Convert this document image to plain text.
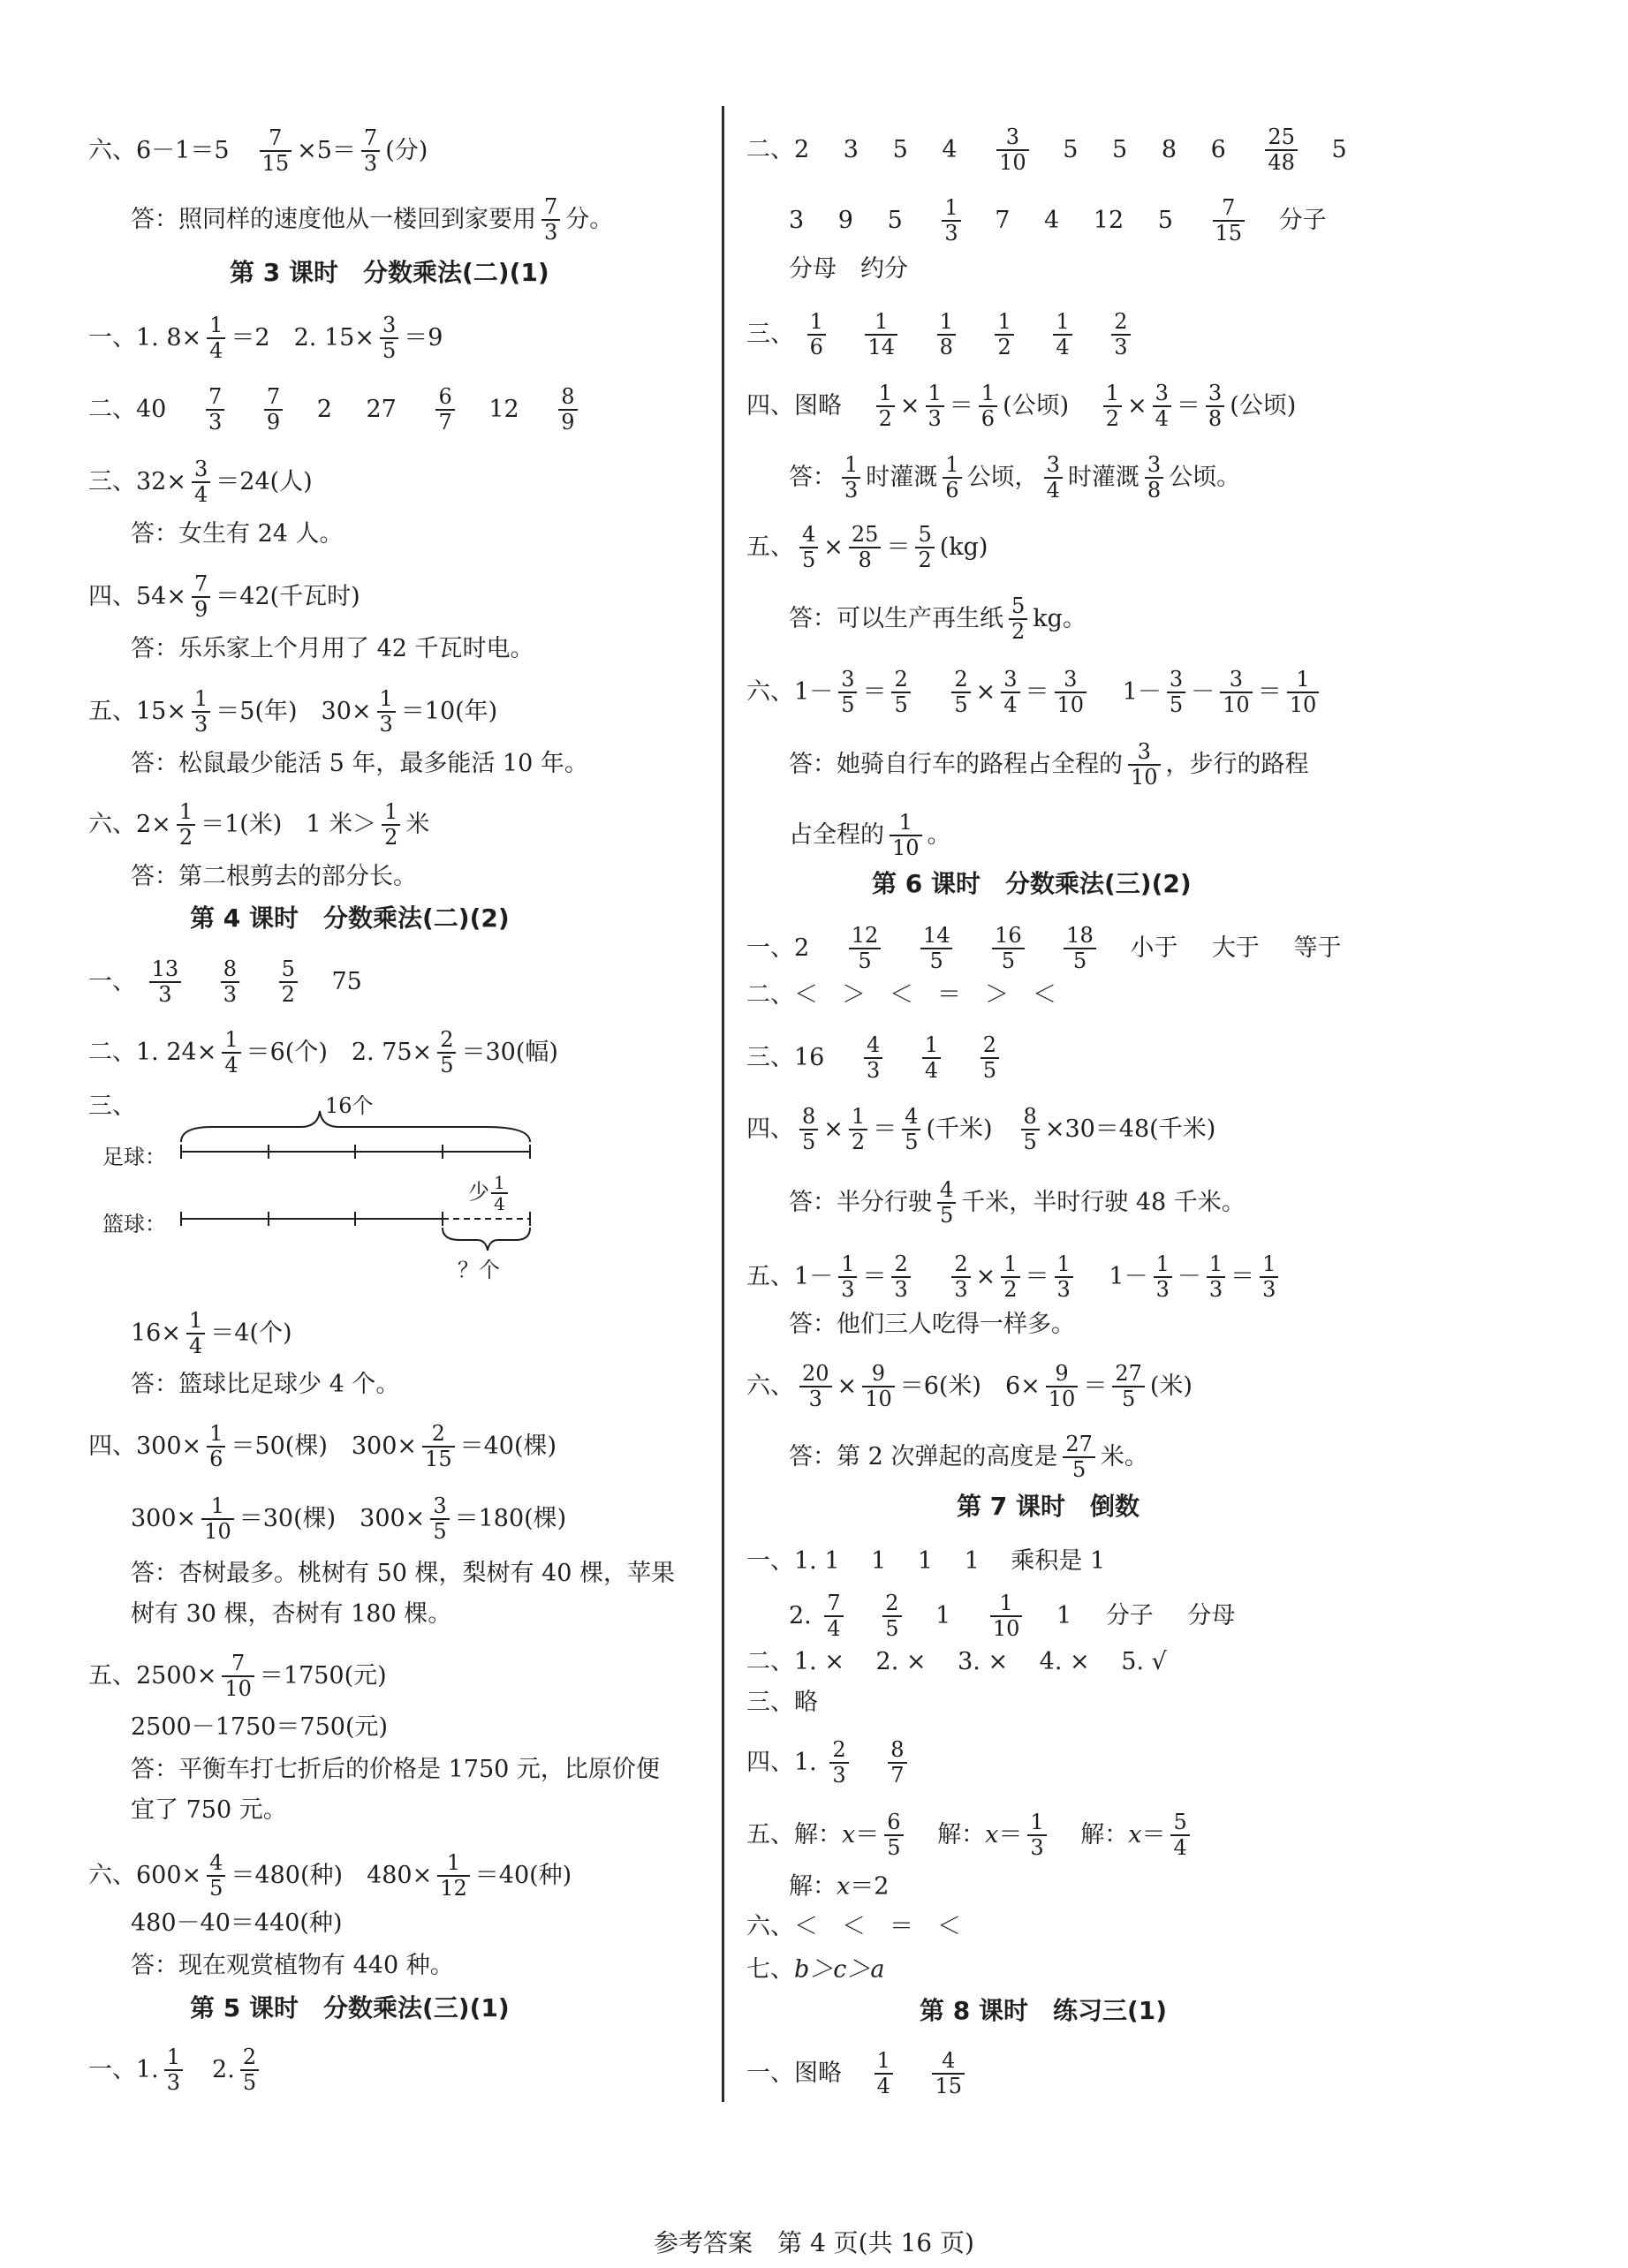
六、$6-1=5 \frac{7}{15} \times 5= \frac{7}{3}$ (分)
答：照同样的速度他从一楼回到家要用 $\frac{7}{3}$ 分。
第 3 课时　分数乘法(二)(1)
一、1. $8\times \frac{1}{4} =2$　2. $15\times \frac{3}{5} =9$
二、$40 \frac{7}{3}$
$\frac{7}{9} 2$ $27 \frac{6}{7} 12 \frac{8}{9}$
三、$32\times \frac{3}{4} =24$(人)
答：女生有 24 人。
四、$54\times \frac{7}{9} =42$(千瓦时)
答：乐乐家上个月用了 42 千瓦时电。
五、$15\times \frac{1}{3} =5$(年)　$30\times \frac{1}{3} =10$(年)
答：松鼠最少能活 5 年，最多能活 10 年。
六、$2\times \frac{1}{2} =1$(米)　1 米＞ $\frac{1}{2}$ 米
答：第二根剪去的部分长。
第 4 课时　分数乘法(二)(2)
一、 $\frac{13}{3}$
$\frac{8}{3}$
$\frac{5}{2} 75$
二、1. $24\times \frac{1}{4} =6$(个)　2. $75\times \frac{2}{5} =30$(幅)
三、	16个
足球：
篮球：
少 $\frac{1}{4}$
？个
$16\times \frac{1}{4} =4$(个)
答：篮球比足球少 4 个。
四、$300\times \frac{1}{6} =50$(棵)　$300\times \frac{2}{15} =40$(棵)
$300\times \frac{1}{10} =30$(棵)　$300\times \frac{3}{5} =180$(棵)
答：杏树最多。桃树有 50 棵，梨树有 40 棵，苹果
树有 30 棵，杏树有 180 棵。
五、$2500\times \frac{7}{10} =1750$(元)
2500－1750＝750(元)
答：平衡车打七折后的价格是 1750 元，比原价便
宜了 750 元。
六、$600\times \frac{4}{5} =480$(种)　$480\times \frac{1}{12} =40$(种)
480－40＝440(种)
答：现在观赏植物有 440 种。
第 5 课时　分数乘法(三)(1)
一、1. $\frac{1}{3}$ 　2. $\frac{2}{5}$
二、2 3 5 $4 \frac{3}{10} 5$ 5 8 $6 \frac{25}{48} 5$
3 9 $5 \frac{1}{3} 7$ 4 12 $5 \frac{7}{15}$ 分子
分母　约分
三、 $\frac{1}{6}$
$\frac{1}{14}$
$\frac{1}{8}$
$\frac{1}{2}$
$\frac{1}{4}$
$\frac{2}{3}$
四、图略 $\frac{1}{2} \times \frac{1}{3} = \frac{1}{6}$ (公顷) $\frac{1}{2} \times \frac{3}{4} = \frac{3}{8}$ (公顷)
答： $\frac{1}{3}$ 时灌溉 $\frac{1}{6}$ 公顷， $\frac{3}{4}$ 时灌溉 $\frac{3}{8}$ 公顷。
五、 $\frac{4}{5} \times \frac{25}{8} = \frac{5}{2} (kg)$
答：可以生产再生纸 $\frac{5}{2}$ kg。
六、$1- \frac{3}{5} = \frac{2}{5}$
$\frac{2}{5} \times \frac{3}{4} = \frac{3}{10} 1- \frac{3}{5} - \frac{3}{10} = \frac{1}{10}$
答：她骑自行车的路程占全程的 $\frac{3}{10}$ ，步行的路程
占全程的 $\frac{1}{10}$ 。
第 6 课时　分数乘法(三)(2)
一、$2 \frac{12}{5}$
$\frac{14}{5}$
$\frac{16}{5}$
$\frac{18}{5}$ 小于 大于 等于
二、＜　＞　＜　＝　＞　＜
三、$16 \frac{4}{3}$
$\frac{1}{4}$
$\frac{2}{5}$
四、 $\frac{8}{5} \times \frac{1}{2} = \frac{4}{5}$ (千米) $\frac{8}{5} \times 30=48$(千米)
答：半分行驶 $\frac{4}{5}$ 千米，半时行驶 48 千米。
五、$1- \frac{1}{3} = \frac{2}{3}$
$\frac{2}{3} \times \frac{1}{2} = \frac{1}{3} 1- \frac{1}{3} - \frac{1}{3} = \frac{1}{3}$
答：他们三人吃得一样多。
六、 $\frac{20}{3} \times \frac{9}{10} =6$(米)　$6\times \frac{9}{10} = \frac{27}{5}$ (米)
答：第 2 次弹起的高度是 $\frac{27}{5}$ 米。
第 7 课时　倒数
一、1. 1　 1　 1　 1　 乘积是 1
2. $\frac{7}{4}$
$\frac{2}{5} 1 \frac{1}{10} 1$ 分子 分母
二、1. ×　 2. ×　 3. ×　 4. ×　 5. √
三、略
四、1. $\frac{2}{3}$
$\frac{8}{7}$
五、解：$x= \frac{6}{5}$ 解：$x= \frac{1}{3}$ 解：$x= \frac{5}{4}$
解：x＝2
六、＜　＜　＝　＜
七、b＞c＞a
第 8 课时　练习三(1)
一、图略 $\frac{1}{4}$
$\frac{4}{15}$
参考答案　第 4 页(共 16 页)
